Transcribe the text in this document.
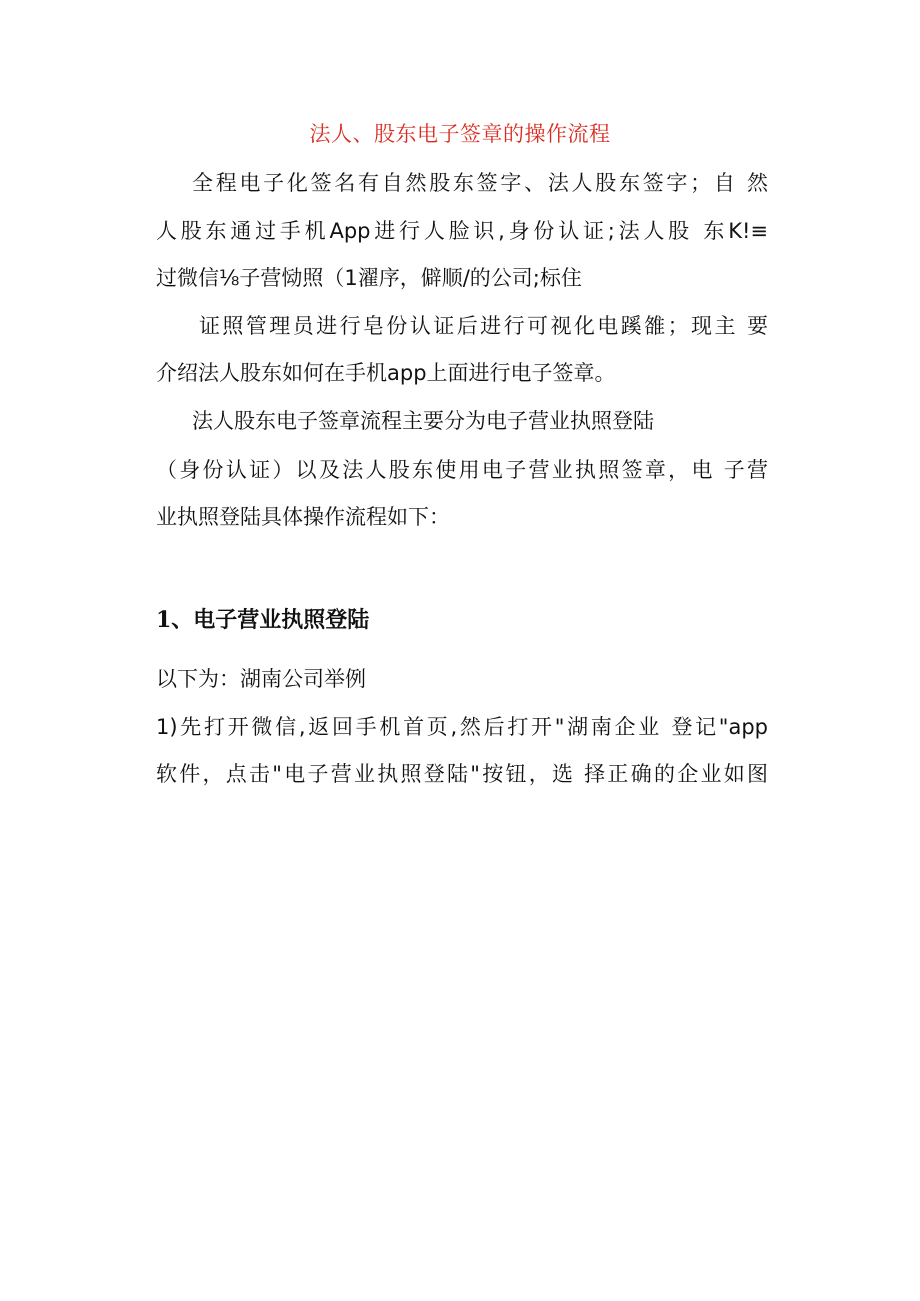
法人、股东电子签章的操作流程
全程电子化签名有自然股东签字、法人股东签字；自 然
人股东通过手机App进行人脸识,身份认证;法人股 东K!≡
过微信⅛子营恸照（1濯序，僻顺/的公司;标住
证照管理员进行皂份认证后进行可视化电蹊雒；现主 要
介绍法人股东如何在手机app上面进行电子签章。
法人股东电子签章流程主要分为电子营业执照登陆
（身份认证）以及法人股东使用电子营业执照签章，电 子营
业执照登陆具体操作流程如下：
1、电子营业执照登陆
以下为：湖南公司举例
1)先打开微信,返回手机首页,然后打开"湖南企业 登记"app
软件，点击"电子营业执照登陆"按钮，选 择正确的企业如图
